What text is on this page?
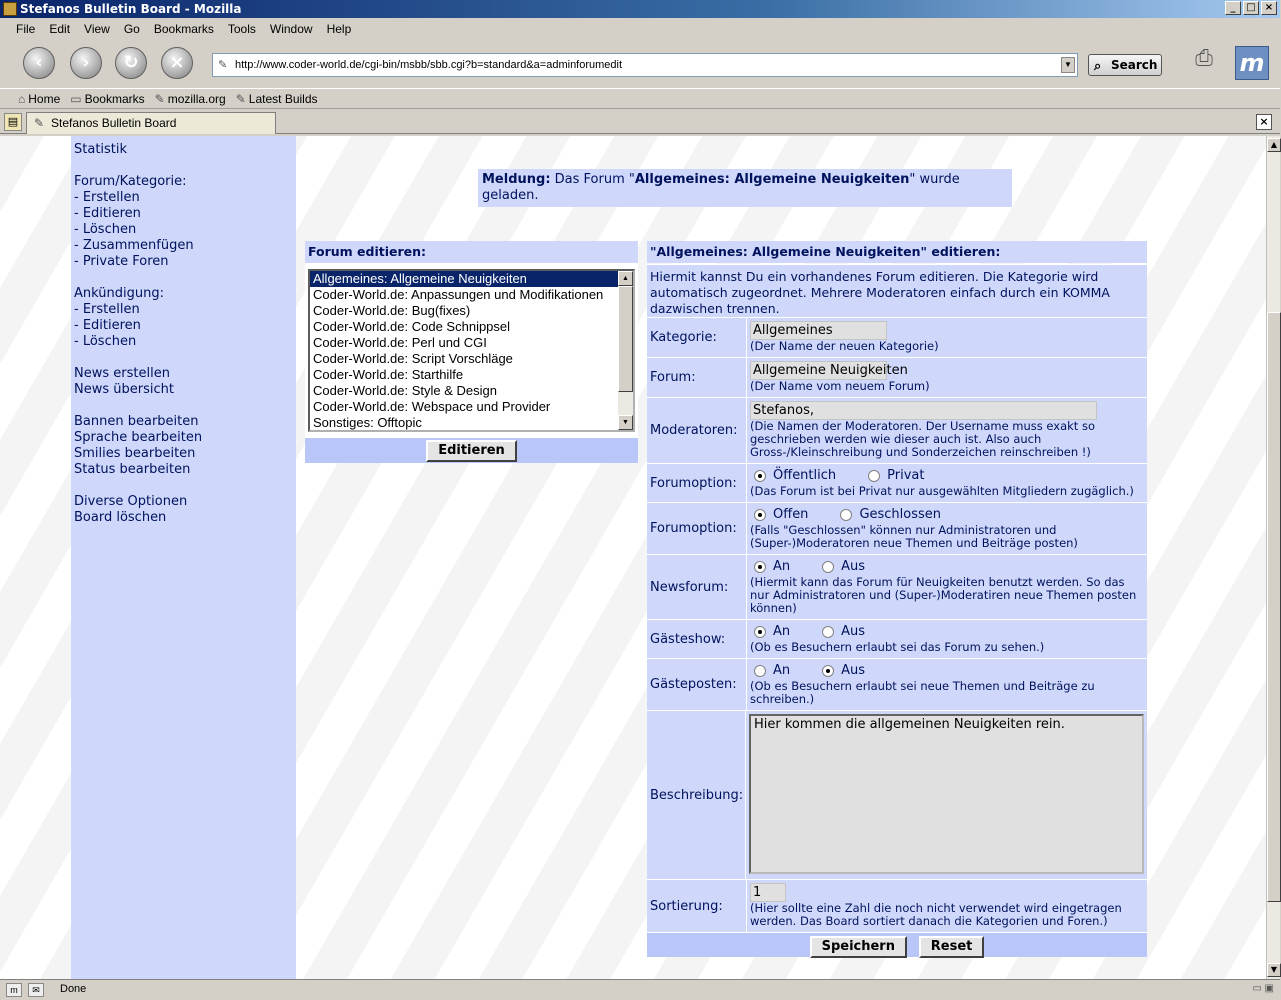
Stefanos Bulletin Board - Mozilla	_	□ ×
File Edit View Go Bookmarks Tools Window Help
‹	›	↻	×	✎ http://www.coder-world.de/cgi-bin/msbb/sbb.cgi?b=standard&a=adminforumedit	▼ ⌕ Search	⎙	m
⌂ Home ▭ Bookmarks ✎ mozilla.org ✎ Latest Builds
▤	✎ Stefanos Bulletin Board	×
Statistik
Forum/Kategorie:
- Erstellen
- Editieren
- Löschen
- Zusammenfügen
- Private Foren
Ankündigung:
- Erstellen
- Editieren
- Löschen
News erstellen
News übersicht
Bannen bearbeiten
Sprache bearbeiten
Smilies bearbeiten
Status bearbeiten
Diverse Optionen
Board löschen
Meldung: Das Forum "Allgemeines: Allgemeine Neuigkeiten" wurde geladen.
Forum editieren:
Allgemeines: Allgemeine Neuigkeiten
Coder-World.de: Anpassungen und Modifikationen
Coder-World.de: Bug(fixes)
Coder-World.de: Code Schnippsel
Coder-World.de: Perl und CGI
Coder-World.de: Script Vorschläge
Coder-World.de: Starthilfe
Coder-World.de: Style & Design
Coder-World.de: Webspace und Provider
Sonstiges: Offtopic
▲
▼
Editieren
"Allgemeines: Allgemeine Neuigkeiten" editieren:
Hiermit kannst Du ein vorhandenes Forum editieren. Die Kategorie wird automatisch zugeordnet. Mehrere Moderatoren einfach durch ein KOMMA dazwischen trennen.
Kategorie:	Allgemeines
(Der Name der neuen Kategorie)
Forum:	Allgemeine Neuigkeiten
(Der Name vom neuem Forum)
Moderatoren:
Stefanos,
(Die Namen der Moderatoren. Der Username muss exakt so geschrieben werden wie dieser auch ist. Also auch Gross-/Kleinschreibung und Sonderzeichen reinschreiben !)
Forumoption:	Öffentlich	Privat
(Das Forum ist bei Privat nur ausgewählten Mitgliedern zugäglich.)
Forumoption:
Offen	Geschlossen
(Falls "Geschlossen" können nur Administratoren und (Super-)Moderatoren neue Themen und Beiträge posten)
Newsforum:
An	Aus
(Hiermit kann das Forum für Neuigkeiten benutzt werden. So das nur Administratoren und (Super-)Moderatiren neue Themen posten können)
Gästeshow:	An	Aus
(Ob es Besuchern erlaubt sei das Forum zu sehen.)
Gästeposten:
An	Aus
(Ob es Besuchern erlaubt sei neue Themen und Beiträge zu schreiben.)
Beschreibung:
Hier kommen die allgemeinen Neuigkeiten rein.
Sortierung:
1
(Hier sollte eine Zahl die noch nicht verwendet wird eingetragen werden. Das Board sortiert danach die Kategorien und Foren.)
Speichern	Reset
▲
▼
m	✉	Done	▭ ▣
